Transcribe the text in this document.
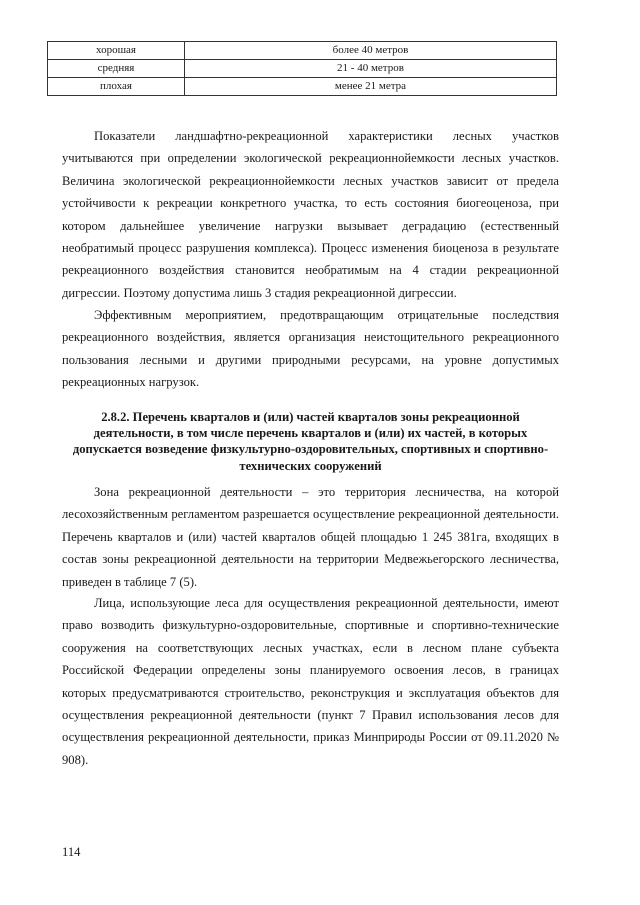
хорошая	более 40 метров
средняя	21 - 40 метров
плохая	менее 21 метра

Показатели ландшафтно-рекреационной характеристики лесных участков учитываются при определении экологической рекреационнойемкости лесных участков. Величина экологической рекреационнойемкости лесных участков зависит от предела устойчивости к рекреации конкретного участка, то есть состояния биогеоценоза, при котором дальнейшее увеличение нагрузки вызывает деградацию (естественный необратимый процесс разрушения комплекса). Процесс изменения биоценоза в результате рекреационного воздействия становится необратимым на 4 стадии рекреационной дигрессии. Поэтому допустима лишь 3 стадия рекреационной дигрессии.

Эффективным мероприятием, предотвращающим отрицательные последствия рекреационного воздействия, является организация неистощительного рекреационного пользования лесными и другими природными ресурсами, на уровне допустимых рекреационных нагрузок.

2.8.2. Перечень кварталов и (или) частей кварталов зоны рекреационной деятельности, в том числе перечень кварталов и (или) их частей, в которых допускается возведение физкультурно-оздоровительных, спортивных и спортивно-технических сооружений

Зона рекреационной деятельности – это территория лесничества, на которой лесохозяйственным регламентом разрешается осуществление рекреационной деятельности. Перечень кварталов и (или) частей кварталов общей площадью 1 245 381га, входящих в состав зоны рекреационной деятельности на территории Медвежьегорского лесничества, приведен в таблице 7 (5).

Лица, использующие леса для осуществления рекреационной деятельности, имеют право возводить физкультурно-оздоровительные, спортивные и спортивно-технические сооружения на соответствующих лесных участках, если в лесном плане субъекта Российской Федерации определены зоны планируемого освоения лесов, в границах которых предусматриваются строительство, реконструкция и эксплуатация объектов для осуществления рекреационной деятельности (пункт 7 Правил использования лесов для осуществления рекреационной деятельности, приказ Минприроды России от 09.11.2020 № 908).

114
